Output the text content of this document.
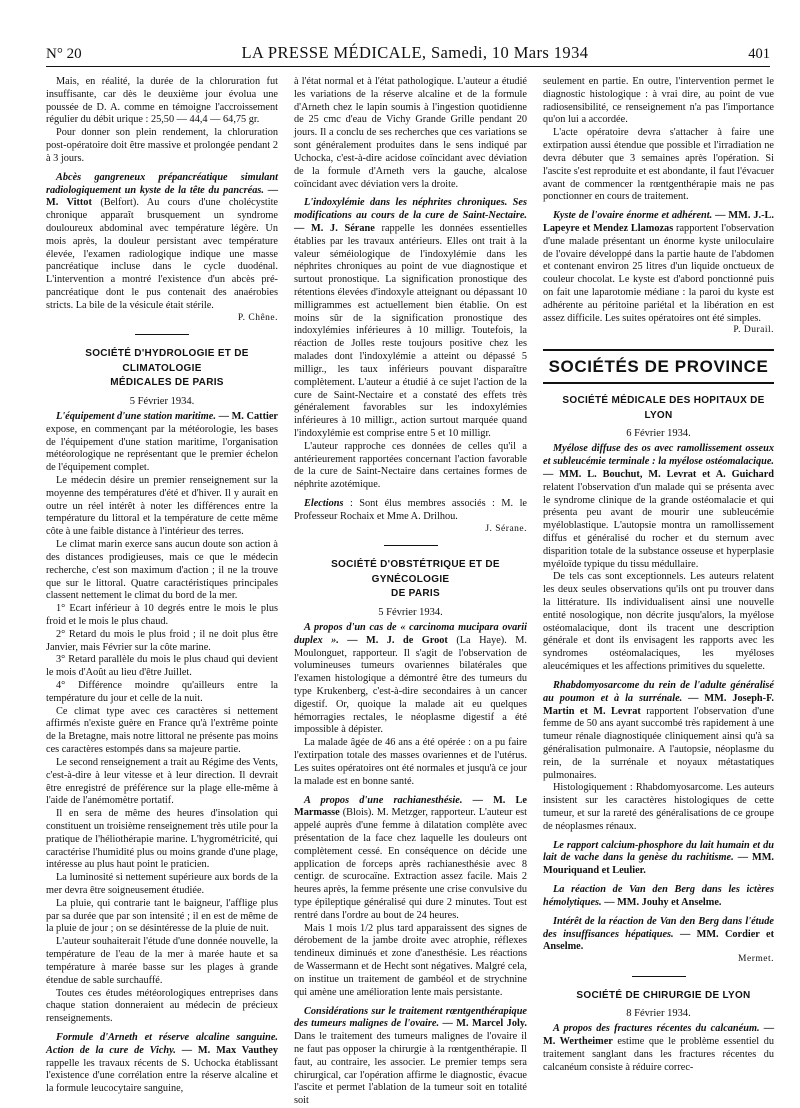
N° 20	LA PRESSE MÉDICALE, Samedi, 10 Mars 1934	401

Mais, en réalité, la durée de la chloruration fut insuffisante, car dès le deuxième jour évolua une poussée de D. A. comme en témoigne l'accroissement régulier du débit urique : 25,50 — 44,4 — 64,75 gr.

Pour donner son plein rendement, la chloruration post-opératoire doit être massive et prolongée pendant 2 à 3 jours.

Abcès gangreneux prépancréatique simulant radiologiquement un kyste de la tête du pancréas. — M. Vittot (Belfort). Au cours d'une cholécystite chronique apparaît brusquement un syndrome douloureux abdominal avec température légère. Un mois après, la douleur persistant avec température élevée, l'examen radiologique indique une masse pancréatique incluse dans le cycle duodénal. L'intervention a montré l'existence d'un abcès pré-pancréatique dont le pus contenait des anaérobies stricts. La bile de la vésicule était stérile.

P. Chêne.

SOCIÉTÉ D'HYDROLOGIE ET DE CLIMATOLOGIE

MÉDICALES DE PARIS

5 Février 1934.

L'équipement d'une station maritime. — M. Cattier expose, en commençant par la météorologie, les bases de l'équipement d'une station maritime, l'organisation météorologique ne représentant que le premier échelon de l'équipement complet.

Le médecin désire un premier renseignement sur la moyenne des températures d'été et d'hiver. Il y aurait en outre un réel intérêt à noter les différences entre la température du littoral et la température de cette même côte à une faible distance à l'intérieur des terres.

Le climat marin exerce sans aucun doute son action à des distances prodigieuses, mais ce que le médecin recherche, c'est son maximum d'action ; il ne la trouve que sur le littoral. Quatre caractéristiques principales classent nettement le climat du bord de la mer.

1° Ecart inférieur à 10 degrés entre le mois le plus froid et le mois le plus chaud.

2° Retard du mois le plus froid ; il ne doit plus être Janvier, mais Février sur la côte marine.

3° Retard parallèle du mois le plus chaud qui devient le mois d'Août au lieu d'être Juillet.

4° Différence moindre qu'ailleurs entre la température du jour et celle de la nuit.

Ce climat type avec ces caractères si nettement affirmés n'existe guère en France qu'à l'extrême pointe de la Bretagne, mais notre littoral ne présente pas moins ces caractères estompés dans sa majeure partie.

Le second renseignement a trait au Régime des Vents, c'est-à-dire à leur vitesse et à leur direction. Il devrait être enregistré de préférence sur la plage elle-même à l'aide de l'anémomètre portatif.

Il en sera de même des heures d'insolation qui constituent un troisième renseignement très utile pour la pratique de l'héliothérapie marine. L'hygrométricité, qui caractérise l'humidité plus ou moins grande d'une plage, intéresse au plus haut point le praticien.

La luminosité si nettement supérieure aux bords de la mer devra être soigneusement étudiée.

La pluie, qui contrarie tant le baigneur, l'afflige plus par sa durée que par son intensité ; il en est de même de la pluie de jour ; on se désintéresse de la pluie de nuit.

L'auteur souhaiterait l'étude d'une donnée nouvelle, la température de l'eau de la mer à marée haute et sa température à marée basse sur les plages à grande étendue de sable surchauffé.

Toutes ces études météorologiques entreprises dans chaque station donneraient au médecin de précieux renseignements.

Formule d'Arneth et réserve alcaline sanguine. Action de la cure de Vichy. — M. Max Vauthey rappelle les travaux récents de S. Uchocka établissant l'existence d'une corrélation entre la réserve alcaline et la formule leucocytaire sanguine,

à l'état normal et à l'état pathologique. L'auteur a étudié les variations de la réserve alcaline et de la formule d'Arneth chez le lapin soumis à l'ingestion quotidienne de 25 cmc d'eau de Vichy Grande Grille pendant 20 jours. Il a conclu de ses recherches que ces variations se sont généralement produites dans le sens indiqué par Uchocka, c'est-à-dire acidose coïncidant avec déviation de la formule d'Arneth vers la gauche, alcalose coïncidant avec déviation vers la droite.

L'indoxylémie dans les néphrites chroniques. Ses modifications au cours de la cure de Saint-Nectaire. — M. J. Sérane rappelle les données essentielles établies par les travaux antérieurs. Elles ont trait à la valeur séméiologique de l'indoxylémie dans les néphrites chroniques au point de vue diagnostique et surtout pronostique. La signification pronostique des rétentions élevées d'indoxyle atteignant ou dépassant 10 milligrammes est actuellement bien établie. On est moins sûr de la signification pronostique des indoxylémies inférieures à 10 milligr. Toutefois, la réaction de Jolles reste toujours positive chez les malades dont l'indoxylémie a atteint ou dépassé 5 milligr., les taux inférieurs pouvant disparaître complètement. L'auteur a étudié à ce sujet l'action de la cure de Saint-Nectaire et a constaté des effets très généralement favorables sur les indoxylémies inférieures à 10 milligr., action surtout marquée quand l'indoxylémie est comprise entre 5 et 10 milligr.

L'auteur rapproche ces données de celles qu'il a antérieurement rapportées concernant l'action favorable de la cure de Saint-Nectaire dans certaines formes de néphrite azotémique.

Elections : Sont élus membres associés : M. le Professeur Rochaix et Mme A. Drilhou.

J. Sérane.

SOCIÉTÉ D'OBSTÉTRIQUE ET DE GYNÉCOLOGIE

DE PARIS

5 Février 1934.

A propos d'un cas de « carcinoma mucipara ovarii duplex ». — M. J. de Groot (La Haye). M. Moulonguet, rapporteur. Il s'agit de l'observation de volumineuses tumeurs ovariennes bilatérales que l'examen histologique a démontré être des tumeurs du type Krukenberg, c'est-à-dire secondaires à un cancer digestif. Or, quoique la malade ait eu quelques hémorragies rectales, le néoplasme digestif a été impossible à dépister.

La malade âgée de 46 ans a été opérée : on a pu faire l'extirpation totale des masses ovariennes et de l'utérus. Les suites opératoires ont été normales et jusqu'à ce jour la malade est en bonne santé.

A propos d'une rachianesthésie. — M. Le Marmasse (Blois). M. Metzger, rapporteur. L'auteur est appelé auprès d'une femme à dilatation complète avec présentation de la face chez laquelle les douleurs ont complètement cessé. En conséquence on décide une application de forceps après rachianesthésie avec 8 centigr. de scurocaïne. Extraction assez facile. Mais 2 heures après, la femme présente une crise convulsive du type épileptique généralisé qui dure 2 minutes. Tout est rentré dans l'ordre au bout de 24 heures.

Mais 1 mois 1/2 plus tard apparaissent des signes de dérobement de la jambe droite avec atrophie, réflexes tendineux diminués et zone d'anesthésie. Les réactions de Wassermann et de Hecht sont négatives. Malgré cela, on institue un traitement de gambéol et de strychnine qui amène une amélioration lente mais persistante.

Considérations sur le traitement rœntgenthérapique des tumeurs malignes de l'ovaire. — M. Marcel Joly. Dans le traitement des tumeurs malignes de l'ovaire il ne faut pas opposer la chirurgie à la rœntgenthérapie. Il faut, au contraire, les associer. Le premier temps sera chirurgical, car l'opération affirme le diagnostic, évacue l'ascite et permet l'ablation de la tumeur soit en totalité soit

seulement en partie. En outre, l'intervention permet le diagnostic histologique : à vrai dire, au point de vue radiosensibilité, ce renseignement n'a pas l'importance qu'on lui a accordée.

L'acte opératoire devra s'attacher à faire une extirpation aussi étendue que possible et l'irradiation ne devra débuter que 3 semaines après l'opération. Si l'ascite s'est reproduite et est abondante, il faut l'évacuer avant de commencer la rœntgenthérapie mais ne pas ponctionner en cours de traitement.

Kyste de l'ovaire énorme et adhérent. — MM. J.-L. Lapeyre et Mendez Llamozas rapportent l'observation d'une malade présentant un énorme kyste uniloculaire de l'ovaire développé dans la partie haute de l'abdomen et contenant environ 25 litres d'un liquide onctueux de couleur chocolat. Le kyste est d'abord ponctionné puis on fait une laparotomie médiane : la paroi du kyste est adhérente au péritoine pariétal et la libération en est assez difficile. Les suites opératoires ont été simples.

P. Durail.

SOCIÉTÉS DE PROVINCE

SOCIÉTÉ MÉDICALE DES HOPITAUX DE LYON

6 Février 1934.

Myélose diffuse des os avec ramollissement osseux et subleucémie terminale : la myélose ostéomalacique. — MM. L. Bouchut, M. Levrat et A. Guichard relatent l'observation d'un malade qui se présenta avec le syndrome clinique de la grande ostéomalacie et qui présenta peu avant de mourir une subleucémie myéloblastique. L'autopsie montra un ramollissement diffus et généralisé du rocher et du sternum avec disparition totale de la substance osseuse et hyperplasie myéloïde typique du tissu médullaire.

De tels cas sont exceptionnels. Les auteurs relatent les deux seules observations qu'ils ont pu trouver dans la littérature. Ils individualisent ainsi une nouvelle entité nosologique, non décrite jusqu'alors, la myélose ostéomalacique, dont ils tracent une description générale et dont ils envisagent les rapports avec les syndromes ostéomalaciques, les myéloses aleucémiques et les affections primitives du squelette.

Rhabdomyosarcome du rein de l'adulte généralisé au poumon et à la surrénale. — MM. Joseph-F. Martin et M. Levrat rapportent l'observation d'une femme de 50 ans ayant succombé très rapidement à une tumeur rénale diagnostiquée cliniquement ainsi qu'à sa généralisation pulmonaire. A l'autopsie, néoplasme du rein, de la surrénale et noyaux métastatiques pulmonaires.

Histologiquement : Rhabdomyosarcome. Les auteurs insistent sur les caractères histologiques de cette tumeur, et sur la rareté des généralisations de ce groupe de néoplasmes rénaux.

Le rapport calcium-phosphore du lait humain et du lait de vache dans la genèse du rachitisme. — MM. Mouriquand et Leulier.

La réaction de Van den Berg dans les ictères hémolytiques. — MM. Jouhy et Anselme.

Intérêt de la réaction de Van den Berg dans l'étude des insuffisances hépatiques. — MM. Cordier et Anselme.

Mermet.

SOCIÉTÉ DE CHIRURGIE DE LYON

8 Février 1934.

A propos des fractures récentes du calcanéum. — M. Wertheimer estime que le problème essentiel du traitement sanglant dans les fractures récentes du calcanéum consiste à réduire correc-
